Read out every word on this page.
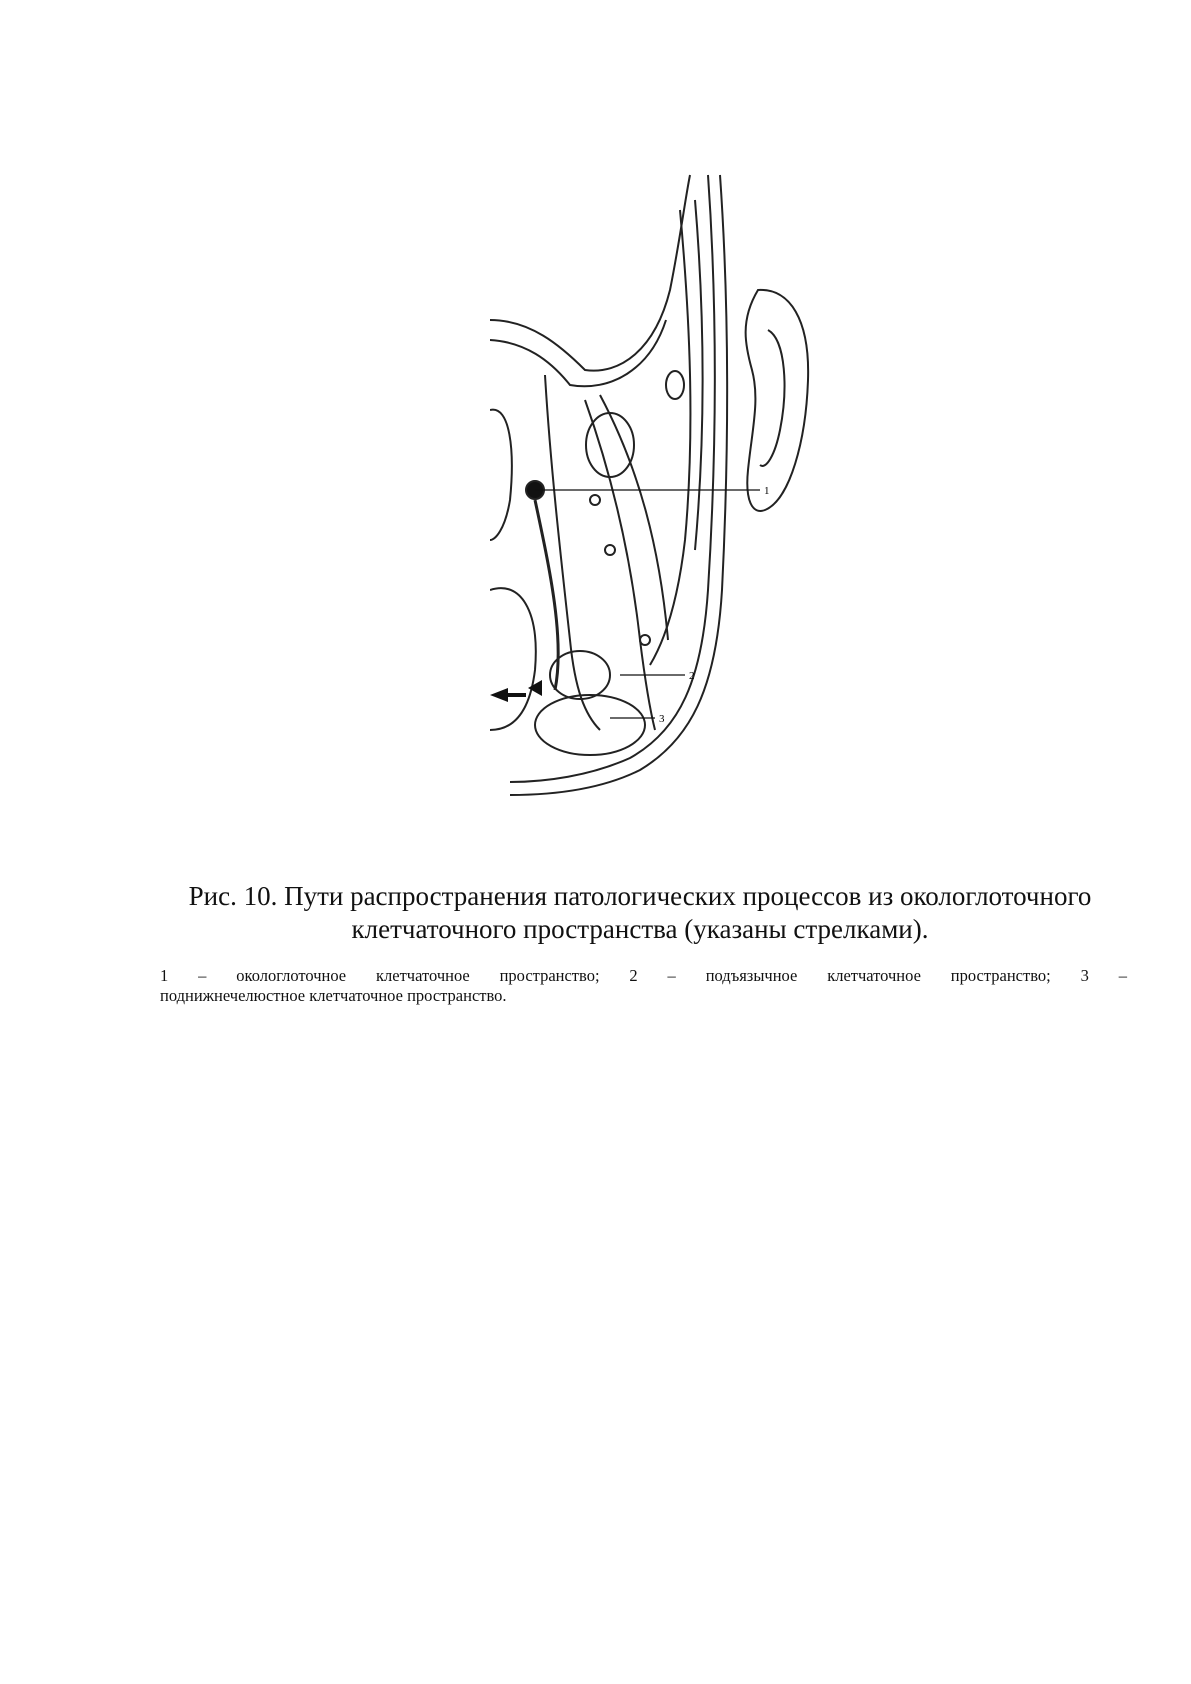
1
2
3
Рис. 10. Пути распространения патологических процессов из окологлоточного
клетчаточного пространства (указаны стрелками).
1 – окологлоточное клетчаточное пространство; 2 – подъязычное клетчаточное пространство; 3 –
поднижнечелюстное клетчаточное пространство.
